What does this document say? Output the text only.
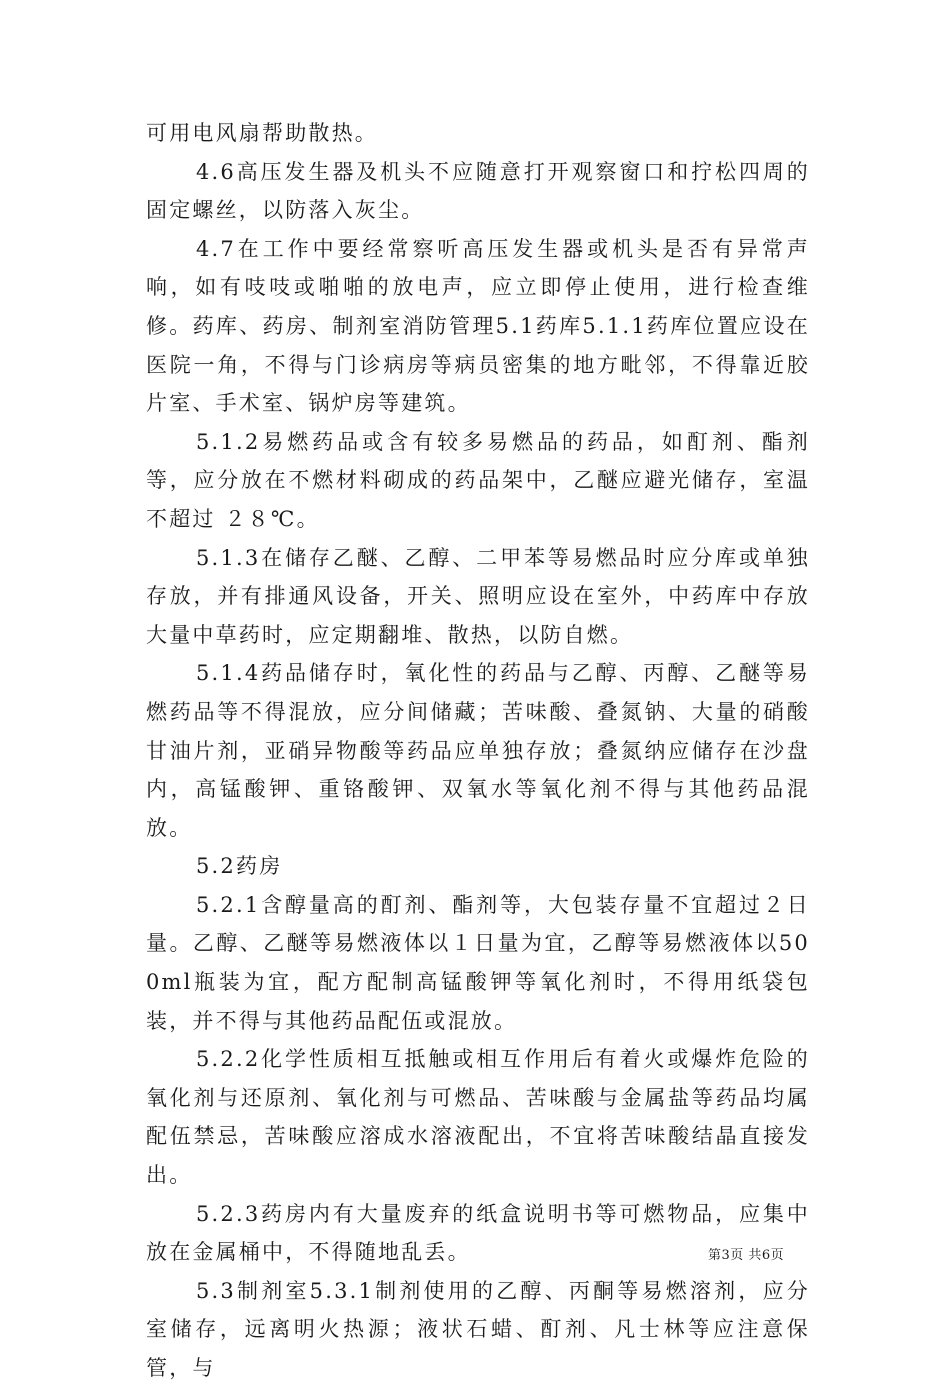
可用电风扇帮助散热。

4.6高压发生器及机头不应随意打开观察窗口和拧松四周的固定螺丝，以防落入灰尘。

4.7在工作中要经常察听高压发生器或机头是否有异常声响，如有吱吱或啪啪的放电声，应立即停止使用，进行检查维修。药库、药房、制剂室消防管理5.1药库5.1.1药库位置应设在医院一角，不得与门诊病房等病员密集的地方毗邻，不得靠近胶片室、手术室、锅炉房等建筑。

5.1.2易燃药品或含有较多易燃品的药品，如酊剂、酯剂等，应分放在不燃材料砌成的药品架中，乙醚应避光储存，室温不超过 ２８℃。

5.1.3在储存乙醚、乙醇、二甲苯等易燃品时应分库或单独存放，并有排通风设备，开关、照明应设在室外，中药库中存放大量中草药时，应定期翻堆、散热，以防自燃。

5.1.4药品储存时，氧化性的药品与乙醇、丙醇、乙醚等易燃药品等不得混放，应分间储藏；苦味酸、叠氮钠、大量的硝酸甘油片剂，亚硝异物酸等药品应单独存放；叠氮纳应储存在沙盘内，高锰酸钾、重铬酸钾、双氧水等氧化剂不得与其他药品混放。

5.2药房

5.2.1含醇量高的酊剂、酯剂等，大包装存量不宜超过２日量。乙醇、乙醚等易燃液体以１日量为宜，乙醇等易燃液体以500ml瓶装为宜，配方配制高锰酸钾等氧化剂时，不得用纸袋包装，并不得与其他药品配伍或混放。

5.2.2化学性质相互抵触或相互作用后有着火或爆炸危险的氧化剂与还原剂、氧化剂与可燃品、苦味酸与金属盐等药品均属配伍禁忌，苦味酸应溶成水溶液配出，不宜将苦味酸结晶直接发出。

5.2.3药房内有大量废弃的纸盒说明书等可燃物品，应集中放在金属桶中，不得随地乱丢。

5.3制剂室5.3.1制剂使用的乙醇、丙酮等易燃溶剂，应分室储存，远离明火热源；液状石蜡、酊剂、凡士林等应注意保管，与

第3页 共6页
